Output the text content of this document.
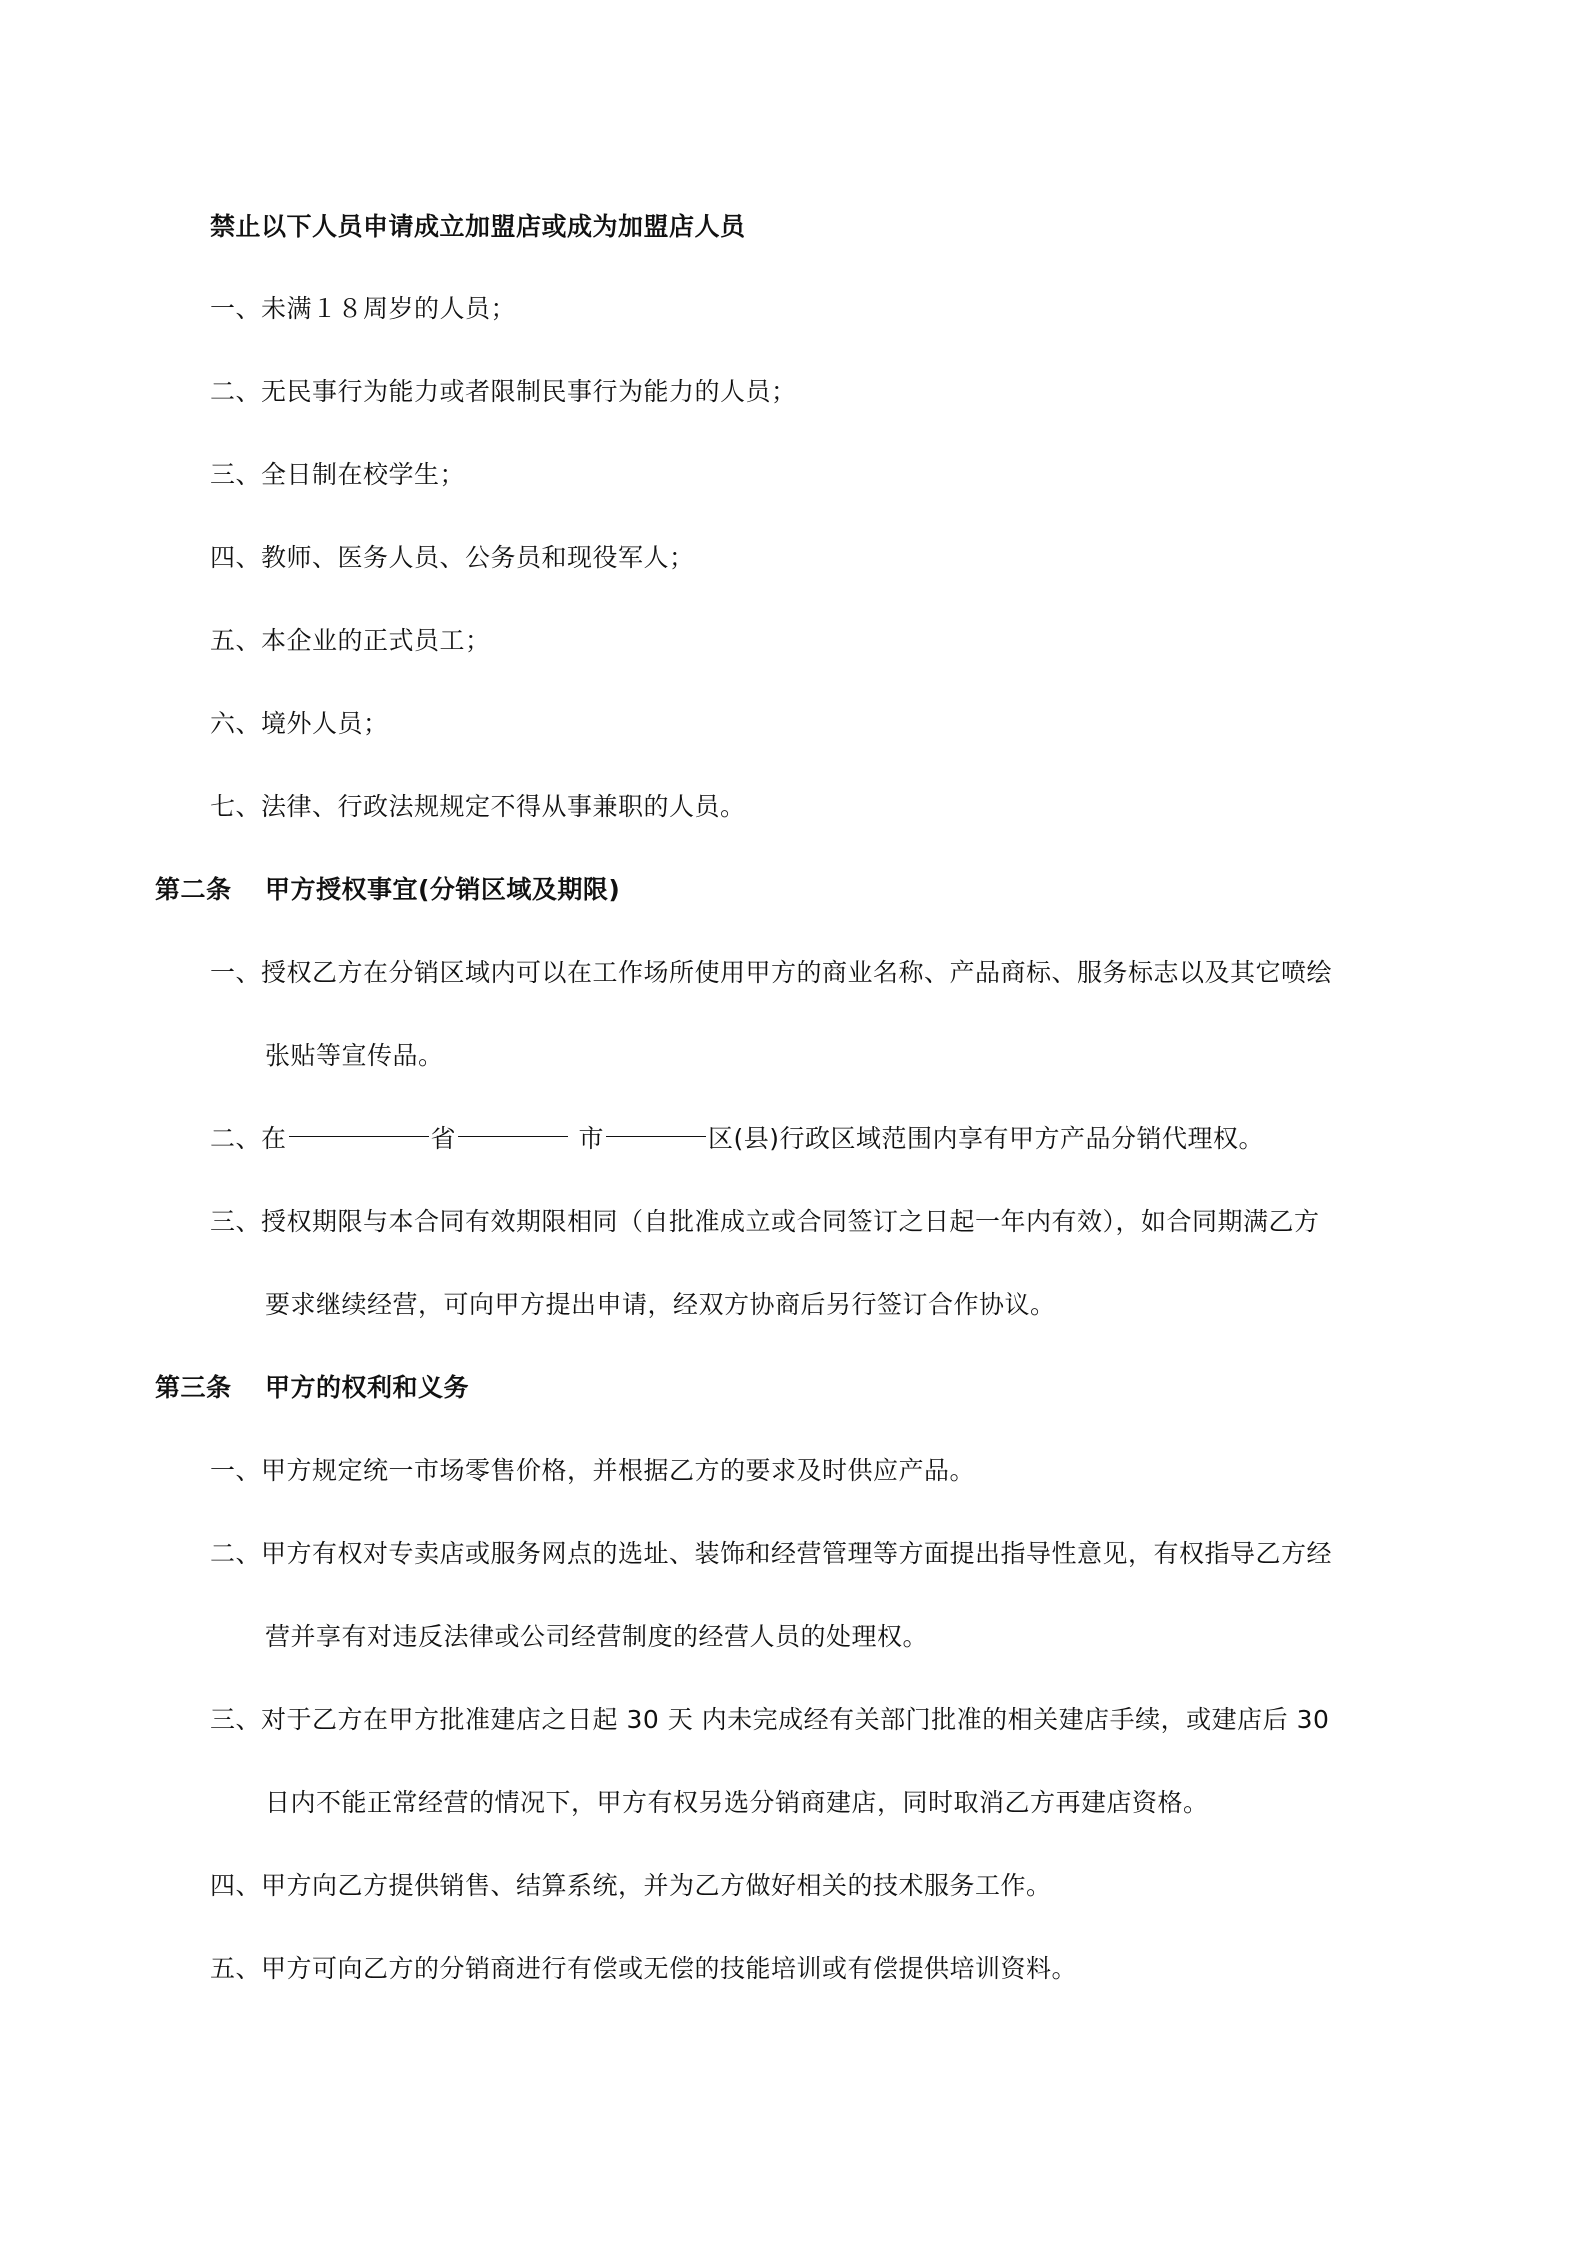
禁止以下人员申请成立加盟店或成为加盟店人员
一、未满１８周岁的人员；
二、无民事行为能力或者限制民事行为能力的人员；
三、全日制在校学生；
四、教师、医务人员、公务员和现役军人；
五、本企业的正式员工；
六、境外人员；
七、法律、行政法规规定不得从事兼职的人员。
第二条 甲方授权事宜(分销区域及期限)
一、授权乙方在分销区域内可以在工作场所使用甲方的商业名称、产品商标、服务标志以及其它喷绘
张贴等宣传品。
二、在	省	市	区(县)行政区域范围内享有甲方产品分销代理权。
三、授权期限与本合同有效期限相同（自批准成立或合同签订之日起一年内有效），如合同期满乙方
要求继续经营，可向甲方提出申请，经双方协商后另行签订合作协议。
第三条 甲方的权利和义务
一、甲方规定统一市场零售价格，并根据乙方的要求及时供应产品。
二、甲方有权对专卖店或服务网点的选址、装饰和经营管理等方面提出指导性意见，有权指导乙方经
营并享有对违反法律或公司经营制度的经营人员的处理权。
三、对于乙方在甲方批准建店之日起 30 天 内未完成经有关部门批准的相关建店手续，或建店后 30
日内不能正常经营的情况下，甲方有权另选分销商建店，同时取消乙方再建店资格。
四、甲方向乙方提供销售、结算系统，并为乙方做好相关的技术服务工作。
五、甲方可向乙方的分销商进行有偿或无偿的技能培训或有偿提供培训资料。
